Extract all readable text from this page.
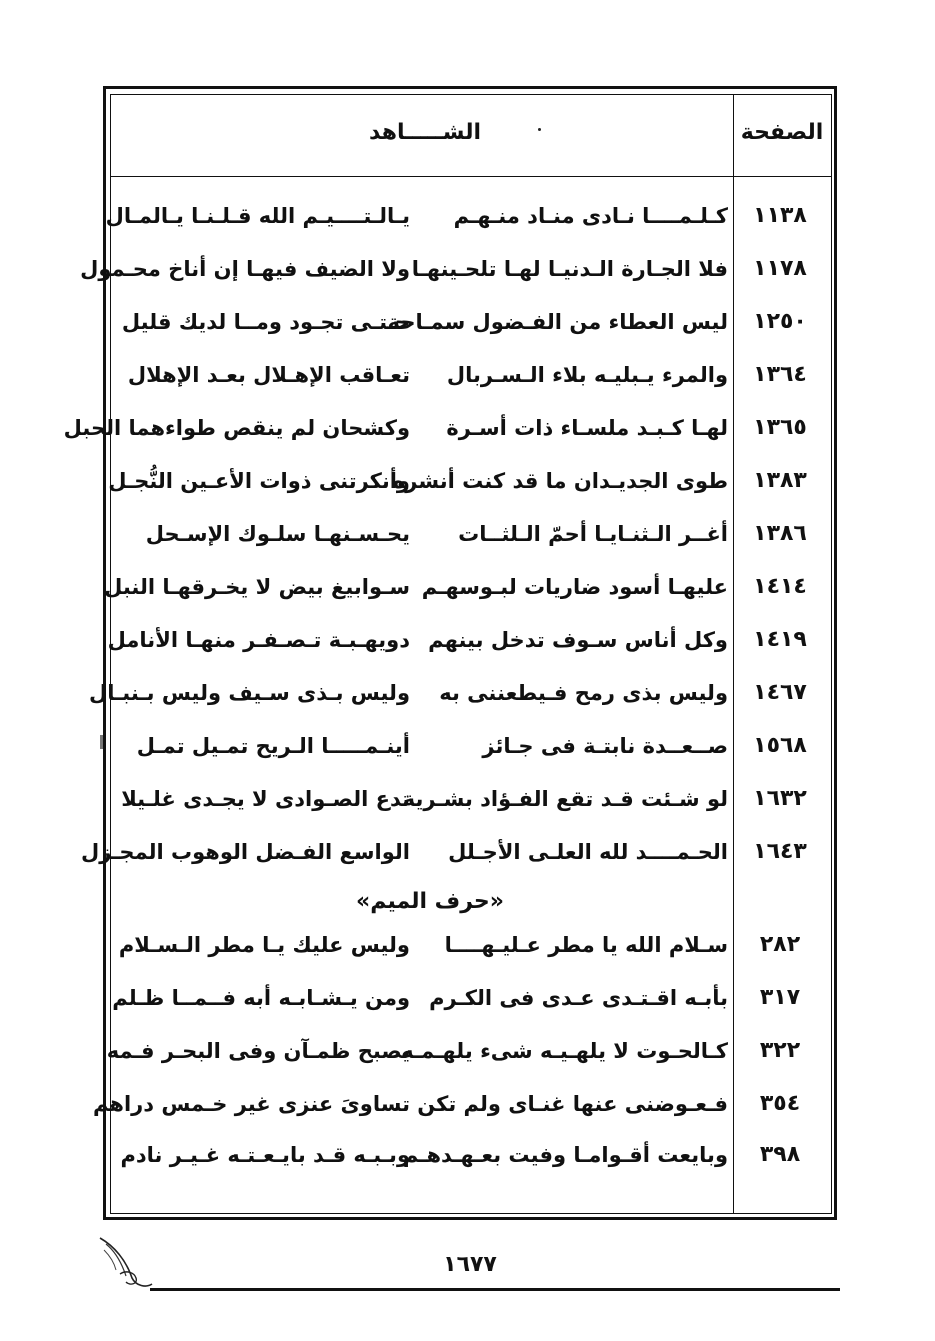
الصفحة
الشـــــاهد
١١٣٨
كـلـمــــا نـادى منـاد منـهـم
يـالـتــــيـم الله قـلـنـا يـالمـال
١١٧٨
فلا الجـارة الـدنيـا لهـا تلحـينهـا
ولا الضيف فيهـا إن أناخ محـمول
١٢٥٠
ليس العطاء من الفـضول سمـاحة
حـتـى تجـود ومــا لديك قليل
١٣٦٤
والمرء يـبليـه بلاء الـسـربال
تعـاقب الإهـلال بعـد الإهلال
١٣٦٥
لهـا كـبـد ملسـاء ذات أسـرة
وكشحان لم ينقص طواءهما الحبل
١٣٨٣
طوى الجديـدان ما قد كنت أنشره
وأنكرتنى ذوات الأعـين النُّجـل
١٣٨٦
أغــر الـثنـايـا أحمّ الـلثــات
يحـسـنهـا سلـوك الإسـحل
١٤١٤
عليهـا أسود ضاريات لبـوسهـم
سـوابيغ بيض لا يخـرقهـا النبل
١٤١٩
وكل أناس سـوف تدخل بينهم
دويهـبـة تـصـفـر منهـا الأنامل
١٤٦٧
وليس بذى رمح فـيطعننى به
وليس بـذى سـيف وليس بـنبـال
١٥٦٨
صــعــدة نابتـة فى جـائز
أينـمـــــا الـريح تمـيل تمـل
١٦٣٢
لو شـئت قـد تقع الفـؤاد بشـرية
تدع الصـوادى لا يجـدى غلـيلا
١٦٤٣
الحـمــــد لله العلـى الأجـلل
الواسع الفـضل الوهوب المجـزل
«حرف الميم»
٢٨٢
سـلام الله يا مطر عـليـهــــا
وليس عليك يـا مطر الـسـلام
٣١٧
بأبـه اقـتـدى عـدى فى الكـرم
ومن يـشـابـه أبه فــمــا ظـلم
٣٢٢
كـالحـوت لا يلهـيـه شىء يلهـمـه
يصبح ظمـآن وفى البحـر فـمه
٣٥٤
فـعـوضنى عنها غنـاى ولم تكن
تساوىَ عنزى غير خـمس دراهم
٣٩٨
وبايعت أقـوامـا وفيت بعـهـدهـم
وبـبـه قـد بايـعـتـه غـيـر نادم
١٦٧٧
